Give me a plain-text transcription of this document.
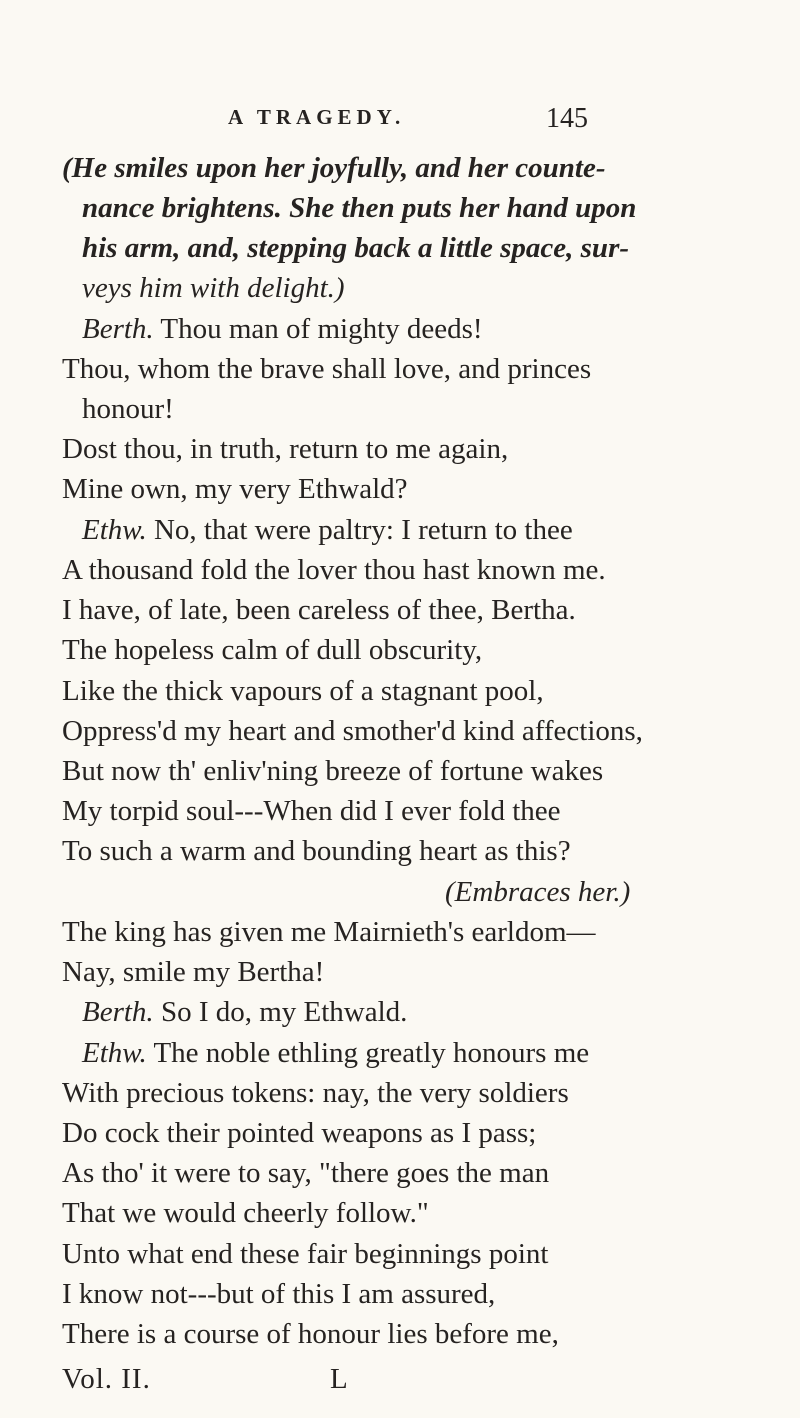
A TRAGEDY.	145
(He smiles upon her joyfully, and her counte-
nance brightens. She then puts her hand upon
his arm, and, stepping back a little space, sur-
veys him with delight.)
Berth. Thou man of mighty deeds!
Thou, whom the brave shall love, and princes
honour!
Dost thou, in truth, return to me again,
Mine own, my very Ethwald?
Ethw. No, that were paltry: I return to thee
A thousand fold the lover thou hast known me.
I have, of late, been careless of thee, Bertha.
The hopeless calm of dull obscurity,
Like the thick vapours of a stagnant pool,
Oppress'd my heart and smother'd kind affections,
But now th' enliv'ning breeze of fortune wakes
My torpid soul---When did I ever fold thee
To such a warm and bounding heart as this?
(Embraces her.)
The king has given me Mairnieth's earldom—
Nay, smile my Bertha!
Berth. So I do, my Ethwald.
Ethw. The noble ethling greatly honours me
With precious tokens: nay, the very soldiers
Do cock their pointed weapons as I pass;
As tho' it were to say, "there goes the man
That we would cheerly follow."
Unto what end these fair beginnings point
I know not---but of this I am assured,
There is a course of honour lies before me,
Vol. II.	L
